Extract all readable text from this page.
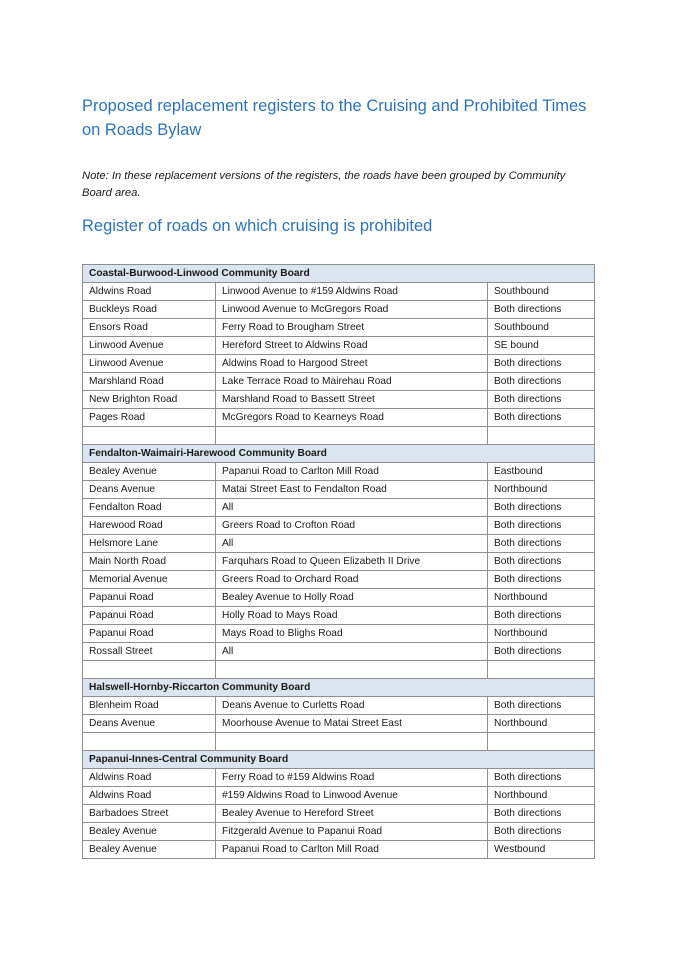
Proposed replacement registers to the Cruising and Prohibited Times on Roads Bylaw

Note: In these replacement versions of the registers, the roads have been grouped by Community Board area.

Register of roads on which cruising is prohibited
Coastal-Burwood-Linwood Community Board		
Aldwins Road	Linwood Avenue to #159 Aldwins Road	Southbound
Buckleys Road	Linwood Avenue to McGregors Road	Both directions
Ensors Road	Ferry Road to Brougham Street	Southbound
Linwood Avenue	Hereford Street to Aldwins Road	SE bound
Linwood Avenue	Aldwins Road to Hargood Street	Both directions
Marshland Road	Lake Terrace Road to Mairehau Road	Both directions
New Brighton Road	Marshland Road to Bassett Street	Both directions
Pages Road	McGregors Road to Kearneys Road	Both directions

Fendalton-Waimairi-Harewood Community Board		
Bealey Avenue	Papanui Road to Carlton Mill Road	Eastbound
Deans Avenue	Matai Street East to Fendalton Road	Northbound
Fendalton Road	All	Both directions
Harewood Road	Greers Road to Crofton Road	Both directions
Helsmore Lane	All	Both directions
Main North Road	Farquhars Road to Queen Elizabeth II Drive	Both directions
Memorial Avenue	Greers Road to Orchard Road	Both directions
Papanui Road	Bealey Avenue to Holly Road	Northbound
Papanui Road	Holly Road to Mays Road	Both directions
Papanui Road	Mays Road to Blighs Road	Northbound
Rossall Street	All	Both directions

Halswell-Hornby-Riccarton Community Board		
Blenheim Road	Deans Avenue to Curletts Road	Both directions
Deans Avenue	Moorhouse Avenue to Matai Street East	Northbound

Papanui-Innes-Central Community Board		
Aldwins Road	Ferry Road to #159 Aldwins Road	Both directions
Aldwins Road	#159 Aldwins Road to Linwood Avenue	Northbound
Barbadoes Street	Bealey Avenue to Hereford Street	Both directions
Bealey Avenue	Fitzgerald Avenue to Papanui Road	Both directions
Bealey Avenue	Papanui Road to Carlton Mill Road	Westbound
